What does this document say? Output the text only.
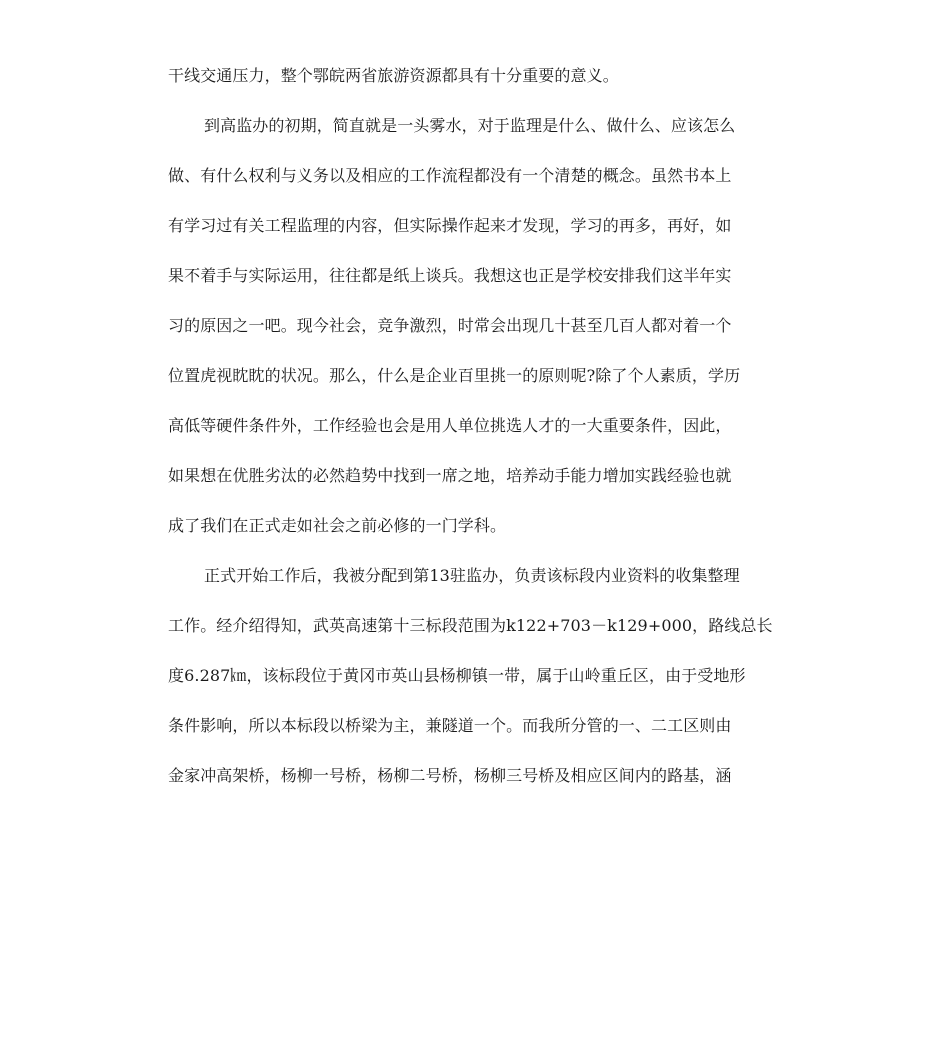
干线交通压力，整个鄂皖两省旅游资源都具有十分重要的意义。
到高监办的初期，简直就是一头雾水，对于监理是什么、做什么、应该怎么
做、有什么权利与义务以及相应的工作流程都没有一个清楚的概念。虽然书本上
有学习过有关工程监理的内容，但实际操作起来才发现，学习的再多，再好，如
果不着手与实际运用，往往都是纸上谈兵。我想这也正是学校安排我们这半年实
习的原因之一吧。现今社会，竞争激烈，时常会出现几十甚至几百人都对着一个
位置虎视眈眈的状况。那么，什么是企业百里挑一的原则呢?除了个人素质，学历
高低等硬件条件外，工作经验也会是用人单位挑选人才的一大重要条件，因此，
如果想在优胜劣汰的必然趋势中找到一席之地，培养动手能力增加实践经验也就
成了我们在正式走如社会之前必修的一门学科。
正式开始工作后，我被分配到第13驻监办，负责该标段内业资料的收集整理
工作。经介绍得知，武英高速第十三标段范围为k122+703－k129+000，路线总长
度6.287㎞，该标段位于黄冈市英山县杨柳镇一带，属于山岭重丘区，由于受地形
条件影响，所以本标段以桥梁为主，兼隧道一个。而我所分管的一、二工区则由
金家冲高架桥，杨柳一号桥，杨柳二号桥，杨柳三号桥及相应区间内的路基，涵
